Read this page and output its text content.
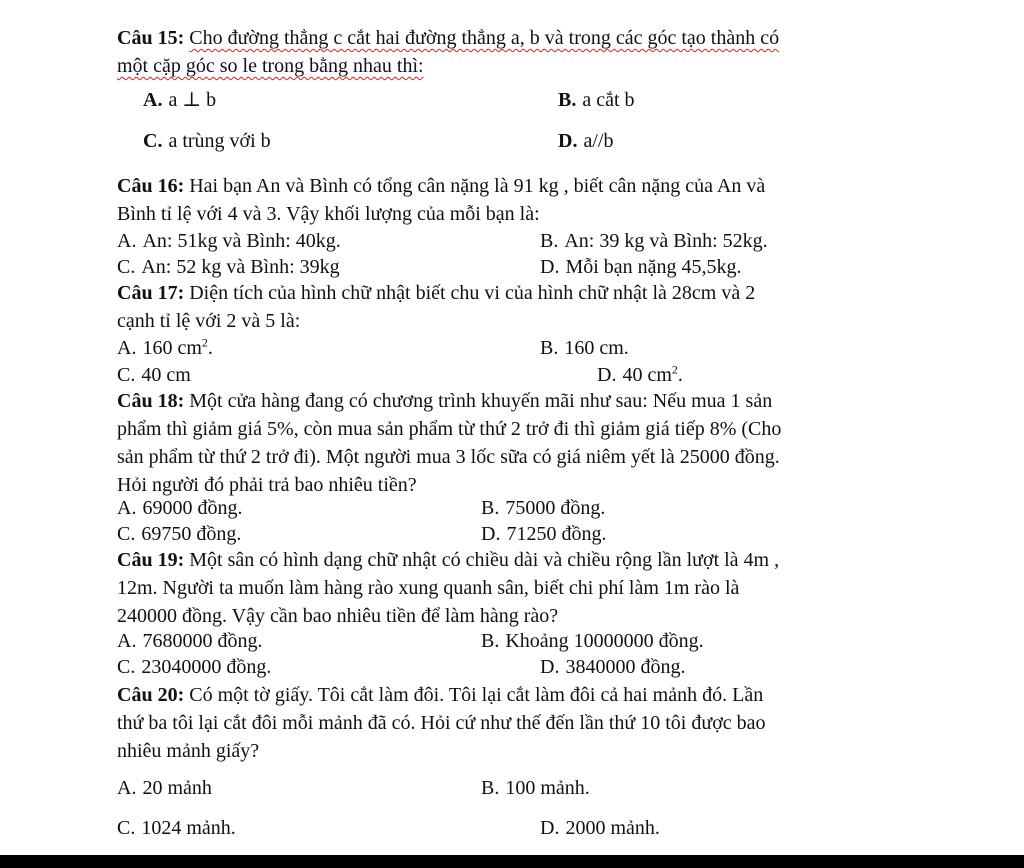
Câu 15: Cho đường thẳng c cắt hai đường thẳng a, b và trong các góc tạo thành có
một cặp góc so le trong bằng nhau thì:
A. a ⊥ b	B. a cắt b
C. a trùng với b	D. a//b
Câu 16: Hai bạn An và Bình có tổng cân nặng là 91 kg , biết cân nặng của An và
Bình tỉ lệ với 4 và 3. Vậy khối lượng của mỗi bạn là:
A. An: 51kg và Bình: 40kg.	B. An: 39 kg và Bình: 52kg.
C. An: 52 kg và Bình: 39kg	D. Mỗi bạn nặng 45,5kg.
Câu 17: Diện tích của hình chữ nhật biết chu vi của hình chữ nhật là 28cm và 2
cạnh tỉ lệ với 2 và 5 là:
A. 160 $cm^2$.	B. 160 cm.
C. 40 cm	D. 40 $cm^2$.
Câu 18: Một cửa hàng đang có chương trình khuyến mãi như sau: Nếu mua 1 sản
phẩm thì giảm giá 5%, còn mua sản phẩm từ thứ 2 trở đi thì giảm giá tiếp 8% (Cho
sản phẩm từ thứ 2 trở đi). Một người mua 3 lốc sữa có giá niêm yết là 25000 đồng.
Hỏi người đó phải trả bao nhiêu tiền?
A. 69000 đồng.	B. 75000 đồng.
C. 69750 đồng.	D. 71250 đồng.
Câu 19: Một sân có hình dạng chữ nhật có chiều dài và chiều rộng lần lượt là 4m ,
12m. Người ta muốn làm hàng rào xung quanh sân, biết chi phí làm 1m rào là
240000 đồng. Vậy cần bao nhiêu tiền để làm hàng rào?
A. 7680000 đồng.	B. Khoảng 10000000 đồng.
C. 23040000 đồng.	D. 3840000 đồng.
Câu 20: Có một tờ giấy. Tôi cắt làm đôi. Tôi lại cắt làm đôi cả hai mảnh đó. Lần
thứ ba tôi lại cắt đôi mỗi mảnh đã có. Hỏi cứ như thế đến lần thứ 10 tôi được bao
nhiêu mảnh giấy?
A. 20 mảnh	B. 100 mảnh.
C. 1024 mảnh.	D. 2000 mảnh.
